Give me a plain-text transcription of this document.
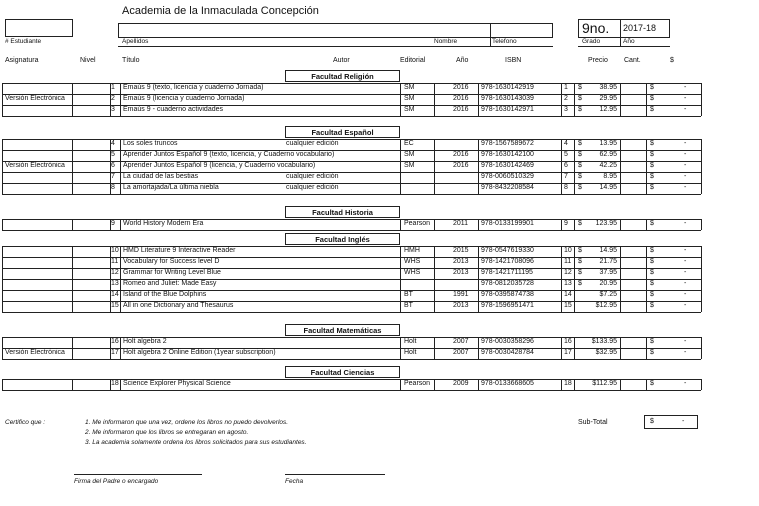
Academia de la Inmaculada Concepción
# Estudiante	Apellidos	Nombre	Telefono
9no. 2017-18
Grado	Año
Asignatura	Nivel	Título	Autor	Editorial	Año	ISBN	Precio Cant.	$
Facultad Religión
1 Emaús 9 (texto, licencia y cuaderno Jornada)	SM	2016 978-1630142919	1 $	38.95	$	-
Versión Electrónica	2 Emaús 9 (licencia y cuaderno Jornada)	SM	2016 978-1630143039	2 $	29.95	$	-
3 Emaús 9 - cuaderno actividades	SM	2016 978-1630142971	3 $	12.95	$	-
Facultad Español
4 Los soles truncos	cualquier edición	EC	978-1567589672	4 $	13.95	$	-
5 Aprender Juntos Español 9 (texto, licencia, y Cuaderno vocabulario)	SM	2016 978-1630142100	5 $	62.95	$	-
Versión Electrónica	6 Aprender Juntos Español 9 (licencia, y Cuaderno vocabulario)	SM	2016 978-1630142469	6 $	42.25	$	-
7 La ciudad de las bestias	cualquier edición	978-0060510329	7 $	8.95	$	-
8 La amortajada/La última niebla	cualquier edición	978-8432208584	8 $	14.95	$	-
Facultad Historia
9 World History Modern Era	Pearson	2011 978-0133199901	9 $ 123.95	$	-
Facultad Inglés
10 HMD Literature 9 Interactive Reader	HMH	2015 978-0547619330	10 $	14.95	$	-
11 Vocabulary for Success level D	WHS	2013 978-1421708096	11 $	21.75	$	-
12 Grammar for Writing Level Blue	WHS	2013 978-1421711195	12 $	37.95	$	-
13 Romeo and Juliet: Made Easy	978-0812035728	13 $	20.95	$	-
14 Island of the Blue Dolphins	BT	1991 978-0395874738	14	$7.25	$	-
15 All in one Dictionary and Thesaurus	BT	2013 978-1596951471	15	$12.95	$	-
Facultad Matemáticas
16 Holt algebra 2	Holt	2007 978-0030358296	16	$133.95	$	-
Versión Electrónica	17 Holt algebra 2 Online Edition (1year subscription)	Holt	2007 978-0030428784	17	$32.95	$	-
Facultad Ciencias
18 Science Explorer Physical Science	Pearson	2009 978-0133668605	18	$112.95	$	-
Certifico que :	1. Me informaron que una vez, ordene los libros no puedo devolverlos.
2. Me informaron que los libros se entregaran en agosto.
3. La academia solamente ordena los libros solicitados para sus estudiantes.
Sub-Total	$	-
Firma del Padre o encargado	Fecha
